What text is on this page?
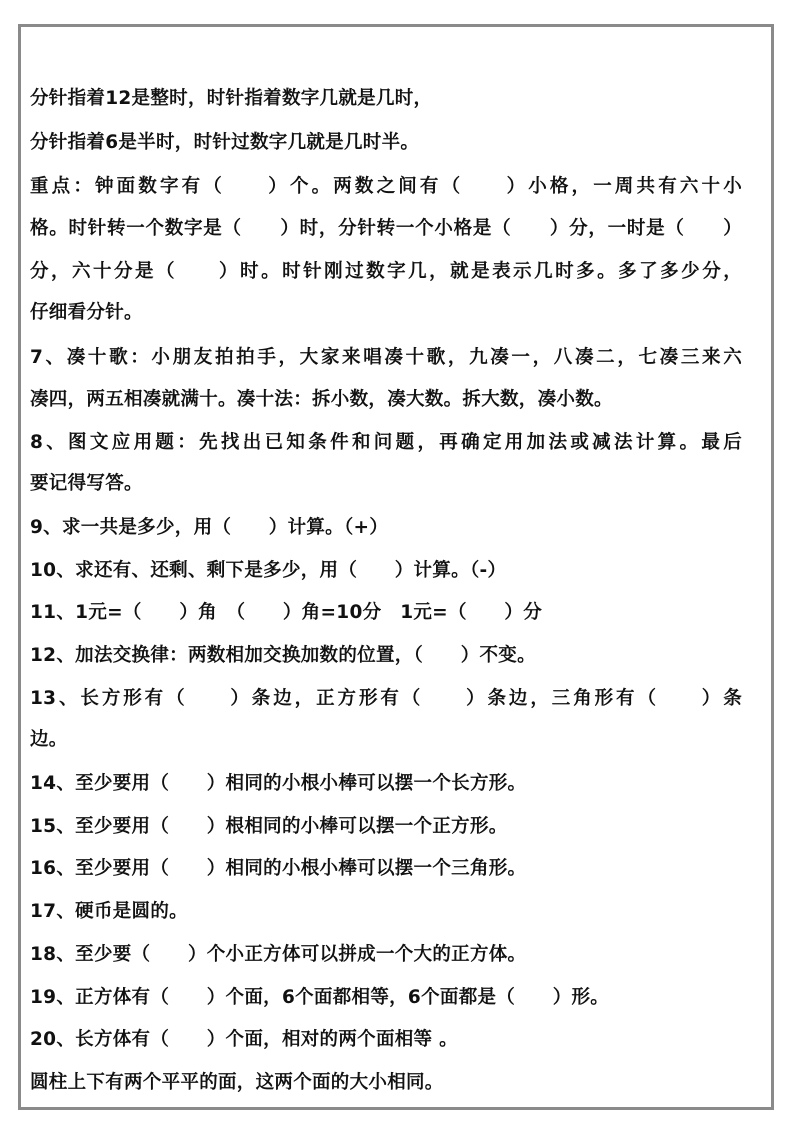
分针指着12是整时，时针指着数字几就是几时，
分针指着6是半时，时针过数字几就是几时半。
重点：钟面数字有（　　）个。两数之间有（　　）小格，一周共有六十小
格。时针转一个数字是（　　）时，分针转一个小格是（　　）分，一时是（　　）
分，六十分是（　　）时。时针刚过数字几，就是表示几时多。多了多少分，
仔细看分针。
7、凑十歌：小朋友拍拍手，大家来唱凑十歌，九凑一，八凑二，七凑三来六
凑四，两五相凑就满十。凑十法：拆小数，凑大数。拆大数，凑小数。
8、图文应用题：先找出已知条件和问题，再确定用加法或减法计算。最后
要记得写答。
9、求一共是多少，用（　　）计算。（+）
10、求还有、还剩、剩下是多少，用（　　）计算。（-）
11、1元=（　　）角　（　　）角=10分　1元=（　　）分
12、加法交换律：两数相加交换加数的位置，（　　）不变。
13、长方形有（　　）条边，正方形有（　　）条边，三角形有（　　）条
边。
14、至少要用（　　）相同的小根小棒可以摆一个长方形。
15、至少要用（　　）根相同的小棒可以摆一个正方形。
16、至少要用（　　）相同的小根小棒可以摆一个三角形。
17、硬币是圆的。
18、至少要（　　）个小正方体可以拼成一个大的正方体。
19、正方体有（　　）个面，6个面都相等，6个面都是（　　）形。
20、长方体有（　　）个面，相对的两个面相等 。
圆柱上下有两个平平的面，这两个面的大小相同。
